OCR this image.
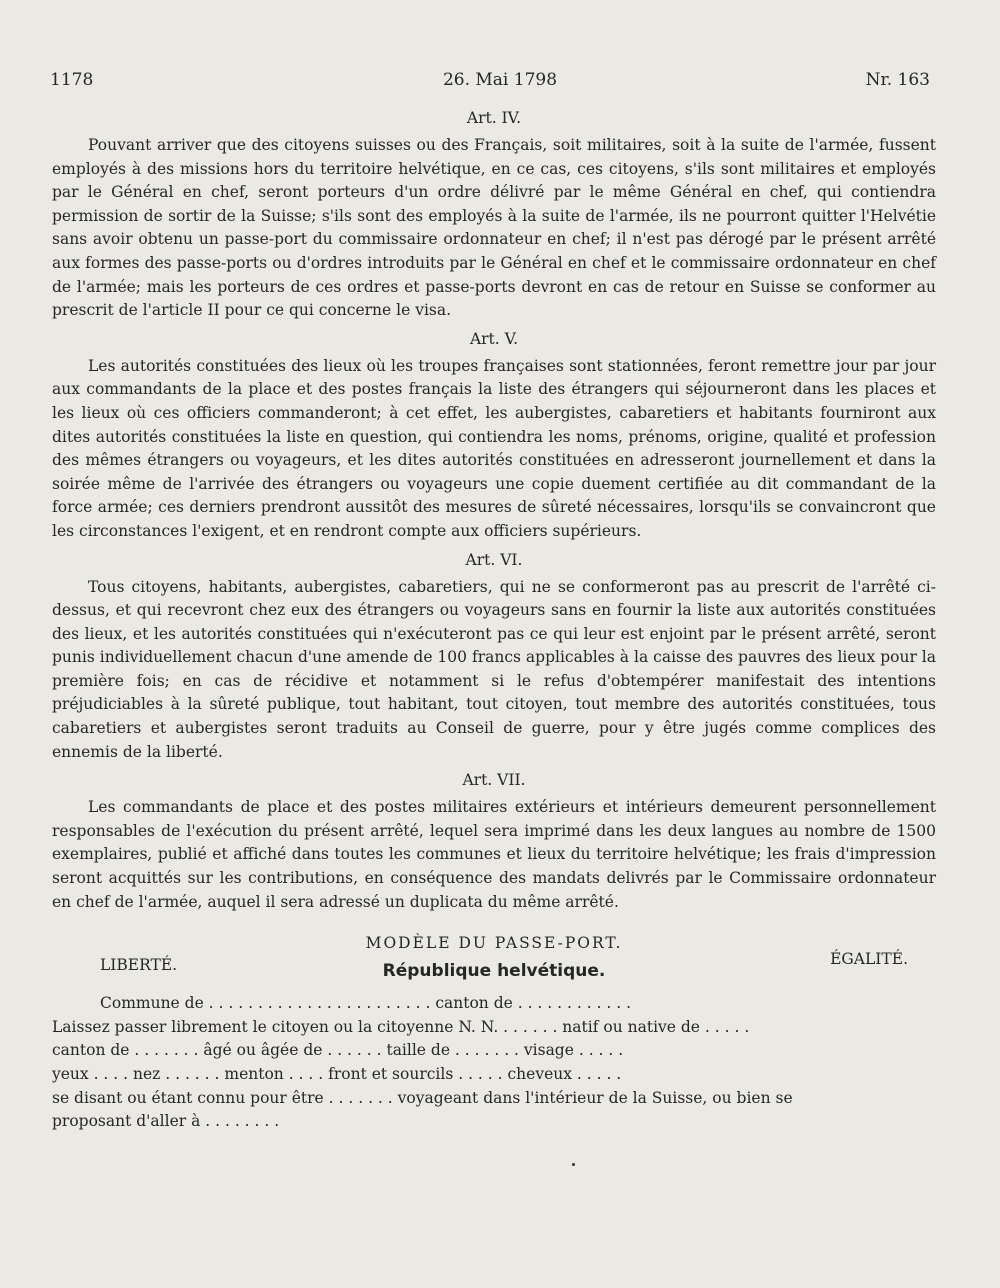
1178	26. Mai 1798	Nr. 163
Art. IV.

Pouvant arriver que des citoyens suisses ou des Français, soit militaires, soit à la suite de l'armée, fussent employés à des missions hors du territoire helvétique, en ce cas, ces citoyens, s'ils sont militaires et employés par le Général en chef, seront porteurs d'un ordre délivré par le même Général en chef, qui contiendra permission de sortir de la Suisse; s'ils sont des employés à la suite de l'armée, ils ne pourront quitter l'Helvétie sans avoir obtenu un passe-port du commissaire ordonnateur en chef; il n'est pas dérogé par le présent arrêté aux formes des passe-ports ou d'ordres introduits par le Général en chef et le commissaire ordonnateur en chef de l'armée; mais les porteurs de ces ordres et passe-ports devront en cas de retour en Suisse se conformer au prescrit de l'article II pour ce qui concerne le visa.

Art. V.

Les autorités constituées des lieux où les troupes françaises sont stationnées, feront remettre jour par jour aux commandants de la place et des postes français la liste des étrangers qui séjourneront dans les places et les lieux où ces officiers commanderont; à cet effet, les aubergistes, cabaretiers et habitants fourniront aux dites autorités constituées la liste en question, qui contiendra les noms, prénoms, origine, qualité et profession des mêmes étrangers ou voyageurs, et les dites autorités constituées en adresseront journellement et dans la soirée même de l'arrivée des étrangers ou voyageurs une copie duement certifiée au dit commandant de la force armée; ces derniers prendront aussitôt des mesures de sûreté nécessaires, lorsqu'ils se convaincront que les circonstances l'exigent, et en rendront compte aux officiers supérieurs.

Art. VI.

Tous citoyens, habitants, aubergistes, cabaretiers, qui ne se conformeront pas au prescrit de l'arrêté ci-dessus, et qui recevront chez eux des étrangers ou voyageurs sans en fournir la liste aux autorités constituées des lieux, et les autorités constituées qui n'exécuteront pas ce qui leur est enjoint par le présent arrêté, seront punis individuellement chacun d'une amende de 100 francs applicables à la caisse des pauvres des lieux pour la première fois; en cas de récidive et notamment si le refus d'obtempérer manifestait des intentions préjudiciables à la sûreté publique, tout habitant, tout citoyen, tout membre des autorités constituées, tous cabaretiers et aubergistes seront traduits au Conseil de guerre, pour y être jugés comme complices des ennemis de la liberté.

Art. VII.

Les commandants de place et des postes militaires extérieurs et intérieurs demeurent personnellement responsables de l'exécution du présent arrêté, lequel sera imprimé dans les deux langues au nombre de 1500 exemplaires, publié et affiché dans toutes les communes et lieux du territoire helvétique; les frais d'impression seront acquittés sur les contributions, en conséquence des mandats delivrés par le Commissaire ordonnateur en chef de l'armée, auquel il sera adressé un duplicata du même arrêté.

MODÈLE DU PASSE-PORT.
LIBERTÉ.	ÉGALITÉ.
République helvétique.
Commune de . . . . . . . . . . . . . . . . . . . . . . . canton de . . . . . . . . . . . .
Laissez passer librement le citoyen ou la citoyenne N. N. . . . . . . natif ou native de . . . . .
canton de . . . . . . . âgé ou âgée de . . . . . . taille de . . . . . . . visage . . . . .
yeux . . . . nez . . . . . . menton . . . . front et sourcils . . . . . cheveux . . . . .
se disant ou étant connu pour être . . . . . . . voyageant dans l'intérieur de la Suisse, ou bien se
proposant d'aller à . . . . . . . .
